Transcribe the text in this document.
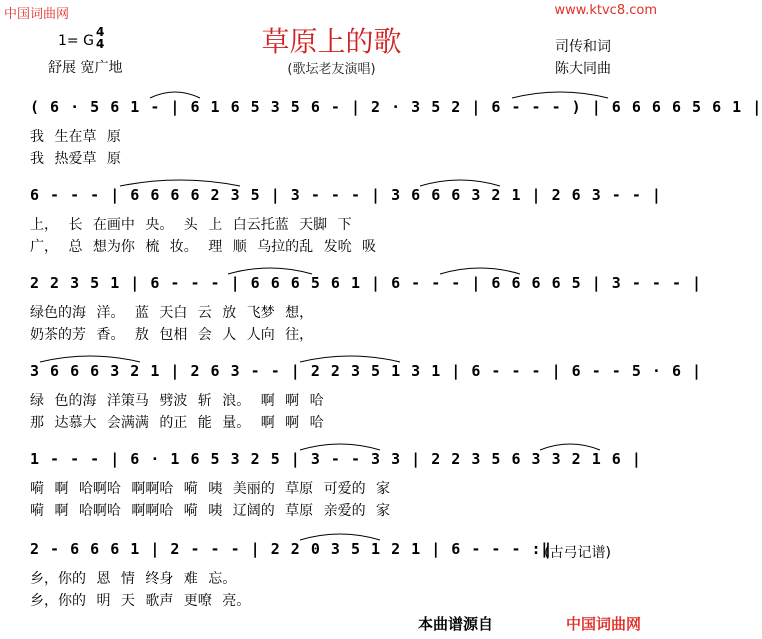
中国词曲网	www.ktvc8.com
草原上的歌
(歌坛老友演唱)
1= G
4
4
舒展 宽广地
司传和词
陈大同曲
( 6 · 5 6 1 - | 6 1 6 5 3 5 6 - | 2 · 3 5 2 | 6 - - - ) | 6 6 6 6 5 6 1 |
我 生在草 原
我 热爱草 原
6 - - - | 6 6 6 6 2 3 5 | 3 - - - | 3 6 6 6 3 2 1 | 2 6 3 - - |
上， 长 在画中 央。 头 上 白云托蓝 天脚 下
广， 总 想为你 梳 妆。 理 顺 乌拉的乱 发吮 吸
2 2 3 5 1 | 6 - - - | 6 6 6 5 6 1 | 6 - - - | 6 6 6 6 5 | 3 - - - |
绿色的海 洋。 蓝 天白 云 放 飞梦 想，
奶茶的芳 香。 敖 包相 会 人 人向 往，
3 6 6 6 3 2 1 | 2 6 3 - - | 2 2 3 5 1 3 1 | 6 - - - | 6 - - 5 · 6 |
绿 色的海 洋策马 劈波 斩 浪。 啊 啊 哈
那 达慕大 会满满 的正 能 量。 啊 啊 哈
1 - - - | 6 · 1 6 5 3 2 5 | 3 - - 3 3 | 2 2 3 5 6 3 3 2 1 6 |
嗬 啊 哈啊哈 啊啊哈 嗬 咦 美丽的 草原 可爱的 家
嗬 啊 哈啊哈 啊啊哈 嗬 咦 辽阔的 草原 亲爱的 家
2 - 6 6 6 1 | 2 - - - | 2 2 0 3 5 1 2 1 | 6 - - - :‖
乡，你的 恩 情 终身 难 忘。
乡，你的 明 天 歌声 更嘹 亮。
(古弓记谱)
本曲谱源自	中国词曲网
